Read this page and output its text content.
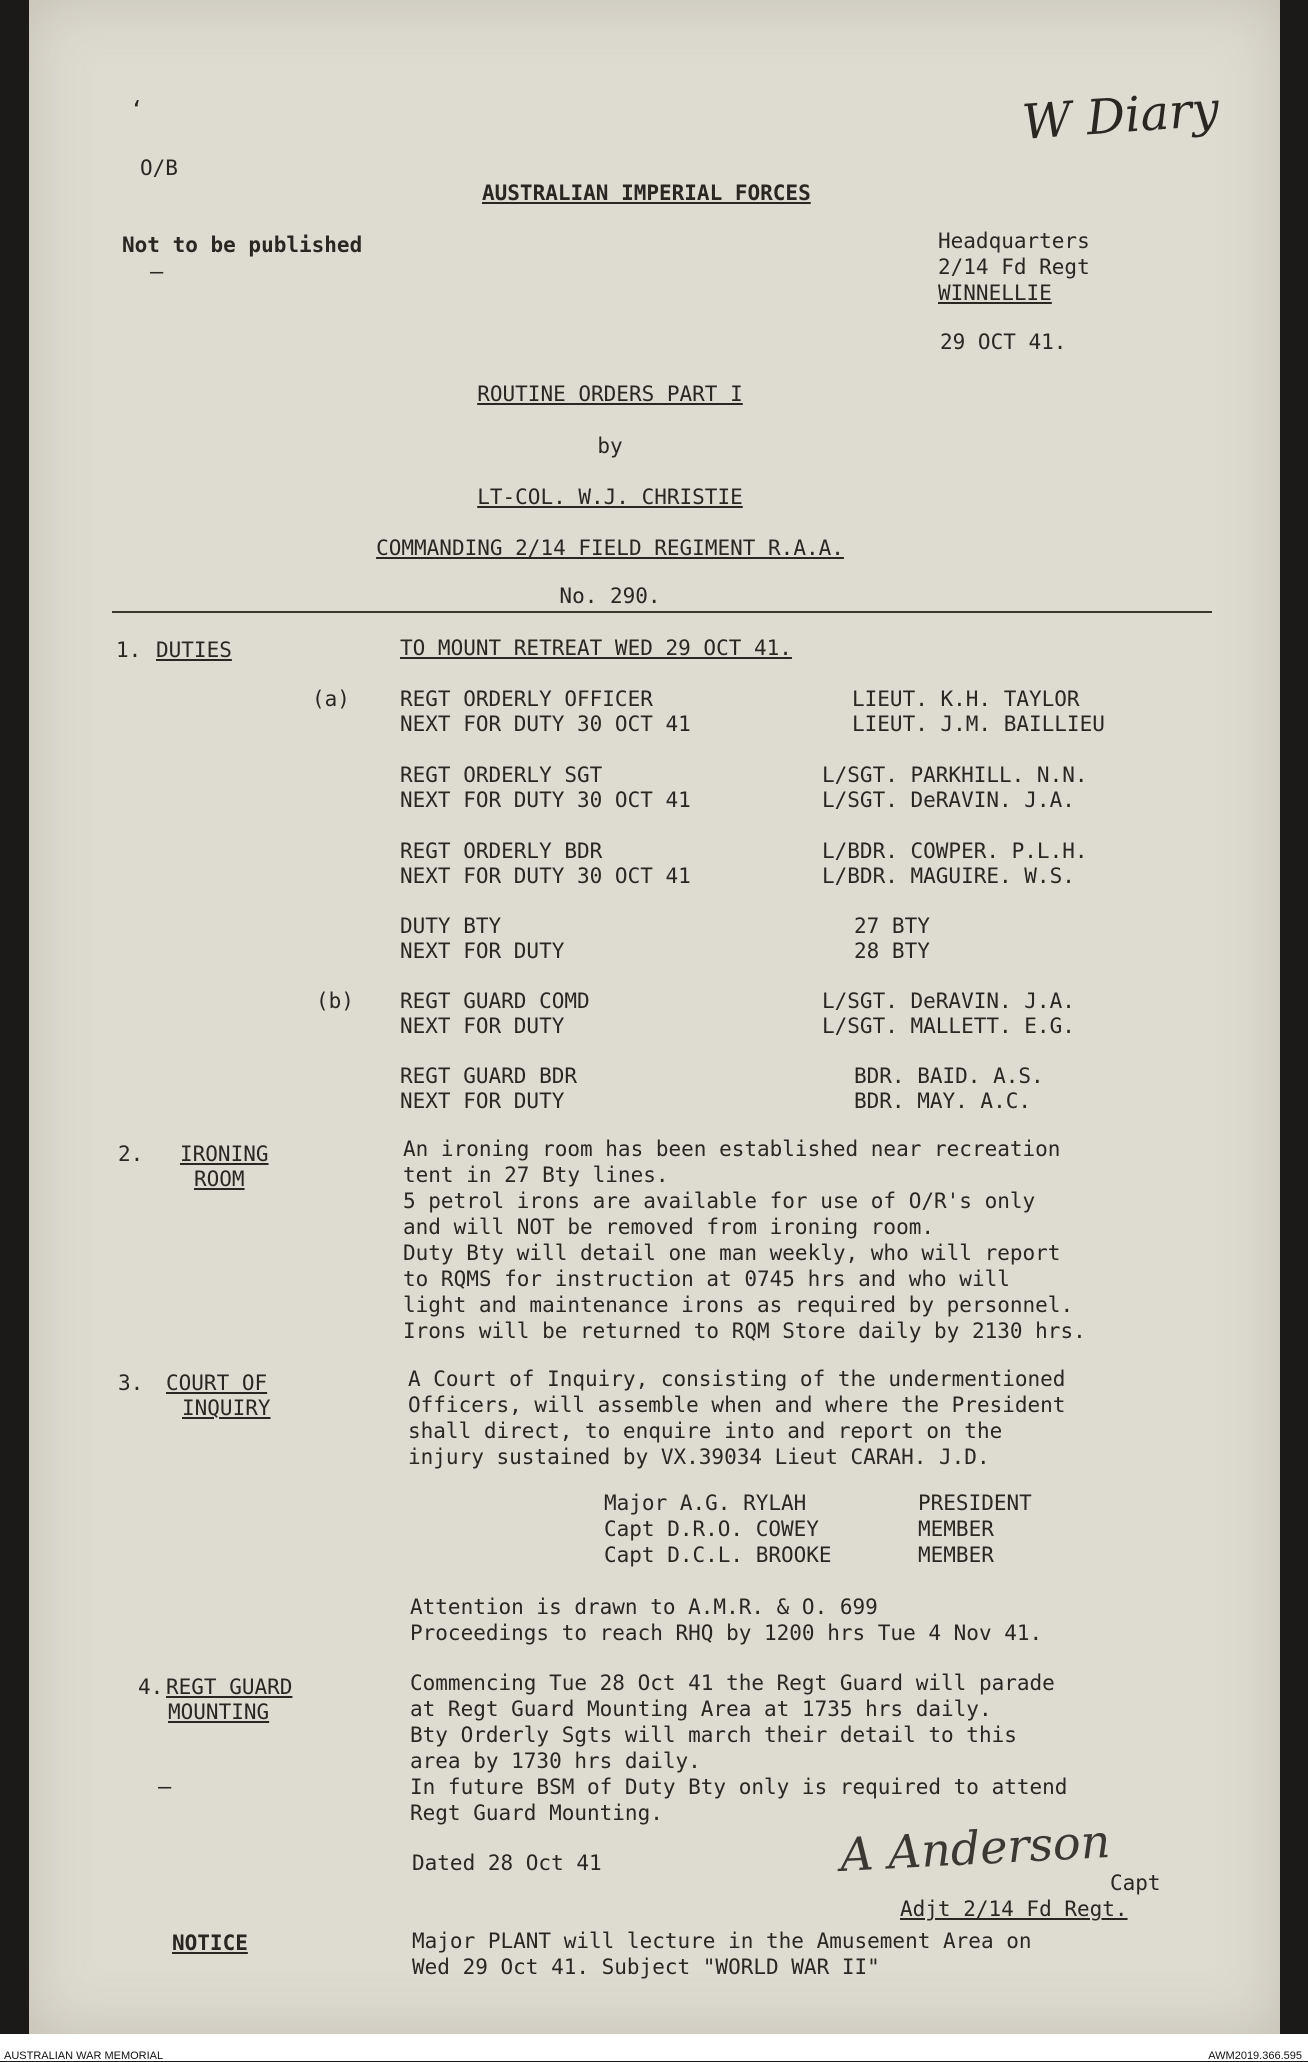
‘
–
–
O/B
AUSTRALIAN IMPERIAL FORCES
Not to be published
W Diary
Headquarters
2/14 Fd Regt
WINNELLIE
29 OCT 41.
ROUTINE ORDERS PART I
by
LT-COL. W.J. CHRISTIE
COMMANDING 2/14 FIELD REGIMENT R.A.A.
No. 290.
1. DUTIES	TO MOUNT RETREAT WED 29 OCT 41.
(a)
(b)
REGT ORDERLY OFFICER	LIEUT. K.H. TAYLOR
NEXT FOR DUTY 30 OCT 41	LIEUT. J.M. BAILLIEU
REGT ORDERLY SGT	L/SGT. PARKHILL. N.N.
NEXT FOR DUTY 30 OCT 41	L/SGT. DeRAVIN. J.A.
REGT ORDERLY BDR	L/BDR. COWPER. P.L.H.
NEXT FOR DUTY 30 OCT 41	L/BDR. MAGUIRE. W.S.
DUTY BTY	27 BTY
NEXT FOR DUTY	28 BTY
REGT GUARD COMD	L/SGT. DeRAVIN. J.A.
NEXT FOR DUTY	L/SGT. MALLETT. E.G.
REGT GUARD BDR	BDR. BAID. A.S.
NEXT FOR DUTY	BDR. MAY. A.C.
2. IRONING
ROOM
An ironing room has been established near recreation
tent in 27 Bty lines.
5 petrol irons are available for use of O/R's only
and will NOT be removed from ironing room.
Duty Bty will detail one man weekly, who will report
to RQMS for instruction at 0745 hrs and who will
light and maintenance irons as required by personnel.
Irons will be returned to RQM Store daily by 2130 hrs.
3. COURT OF
INQUIRY
A Court of Inquiry, consisting of the undermentioned
Officers, will assemble when and where the President
shall direct, to enquire into and report on the
injury sustained by VX.39034 Lieut CARAH. J.D.
Major A.G. RYLAH	PRESIDENT
Capt D.R.O. COWEY	MEMBER
Capt D.C.L. BROOKE	MEMBER
Attention is drawn to A.M.R. & O. 699
Proceedings to reach RHQ by 1200 hrs Tue 4 Nov 41.
4. REGT GUARD
MOUNTING
Commencing Tue 28 Oct 41 the Regt Guard will parade
at Regt Guard Mounting Area at 1735 hrs daily.
Bty Orderly Sgts will march their detail to this
area by 1730 hrs daily.
In future BSM of Duty Bty only is required to attend
Regt Guard Mounting.
Dated 28 Oct 41	A Anderson
Capt
Adjt 2/14 Fd Regt.
NOTICE	Major PLANT will lecture in the Amusement Area on
Wed 29 Oct 41. Subject "WORLD WAR II"
AUSTRALIAN WAR MEMORIAL	AWM2019.366.595
